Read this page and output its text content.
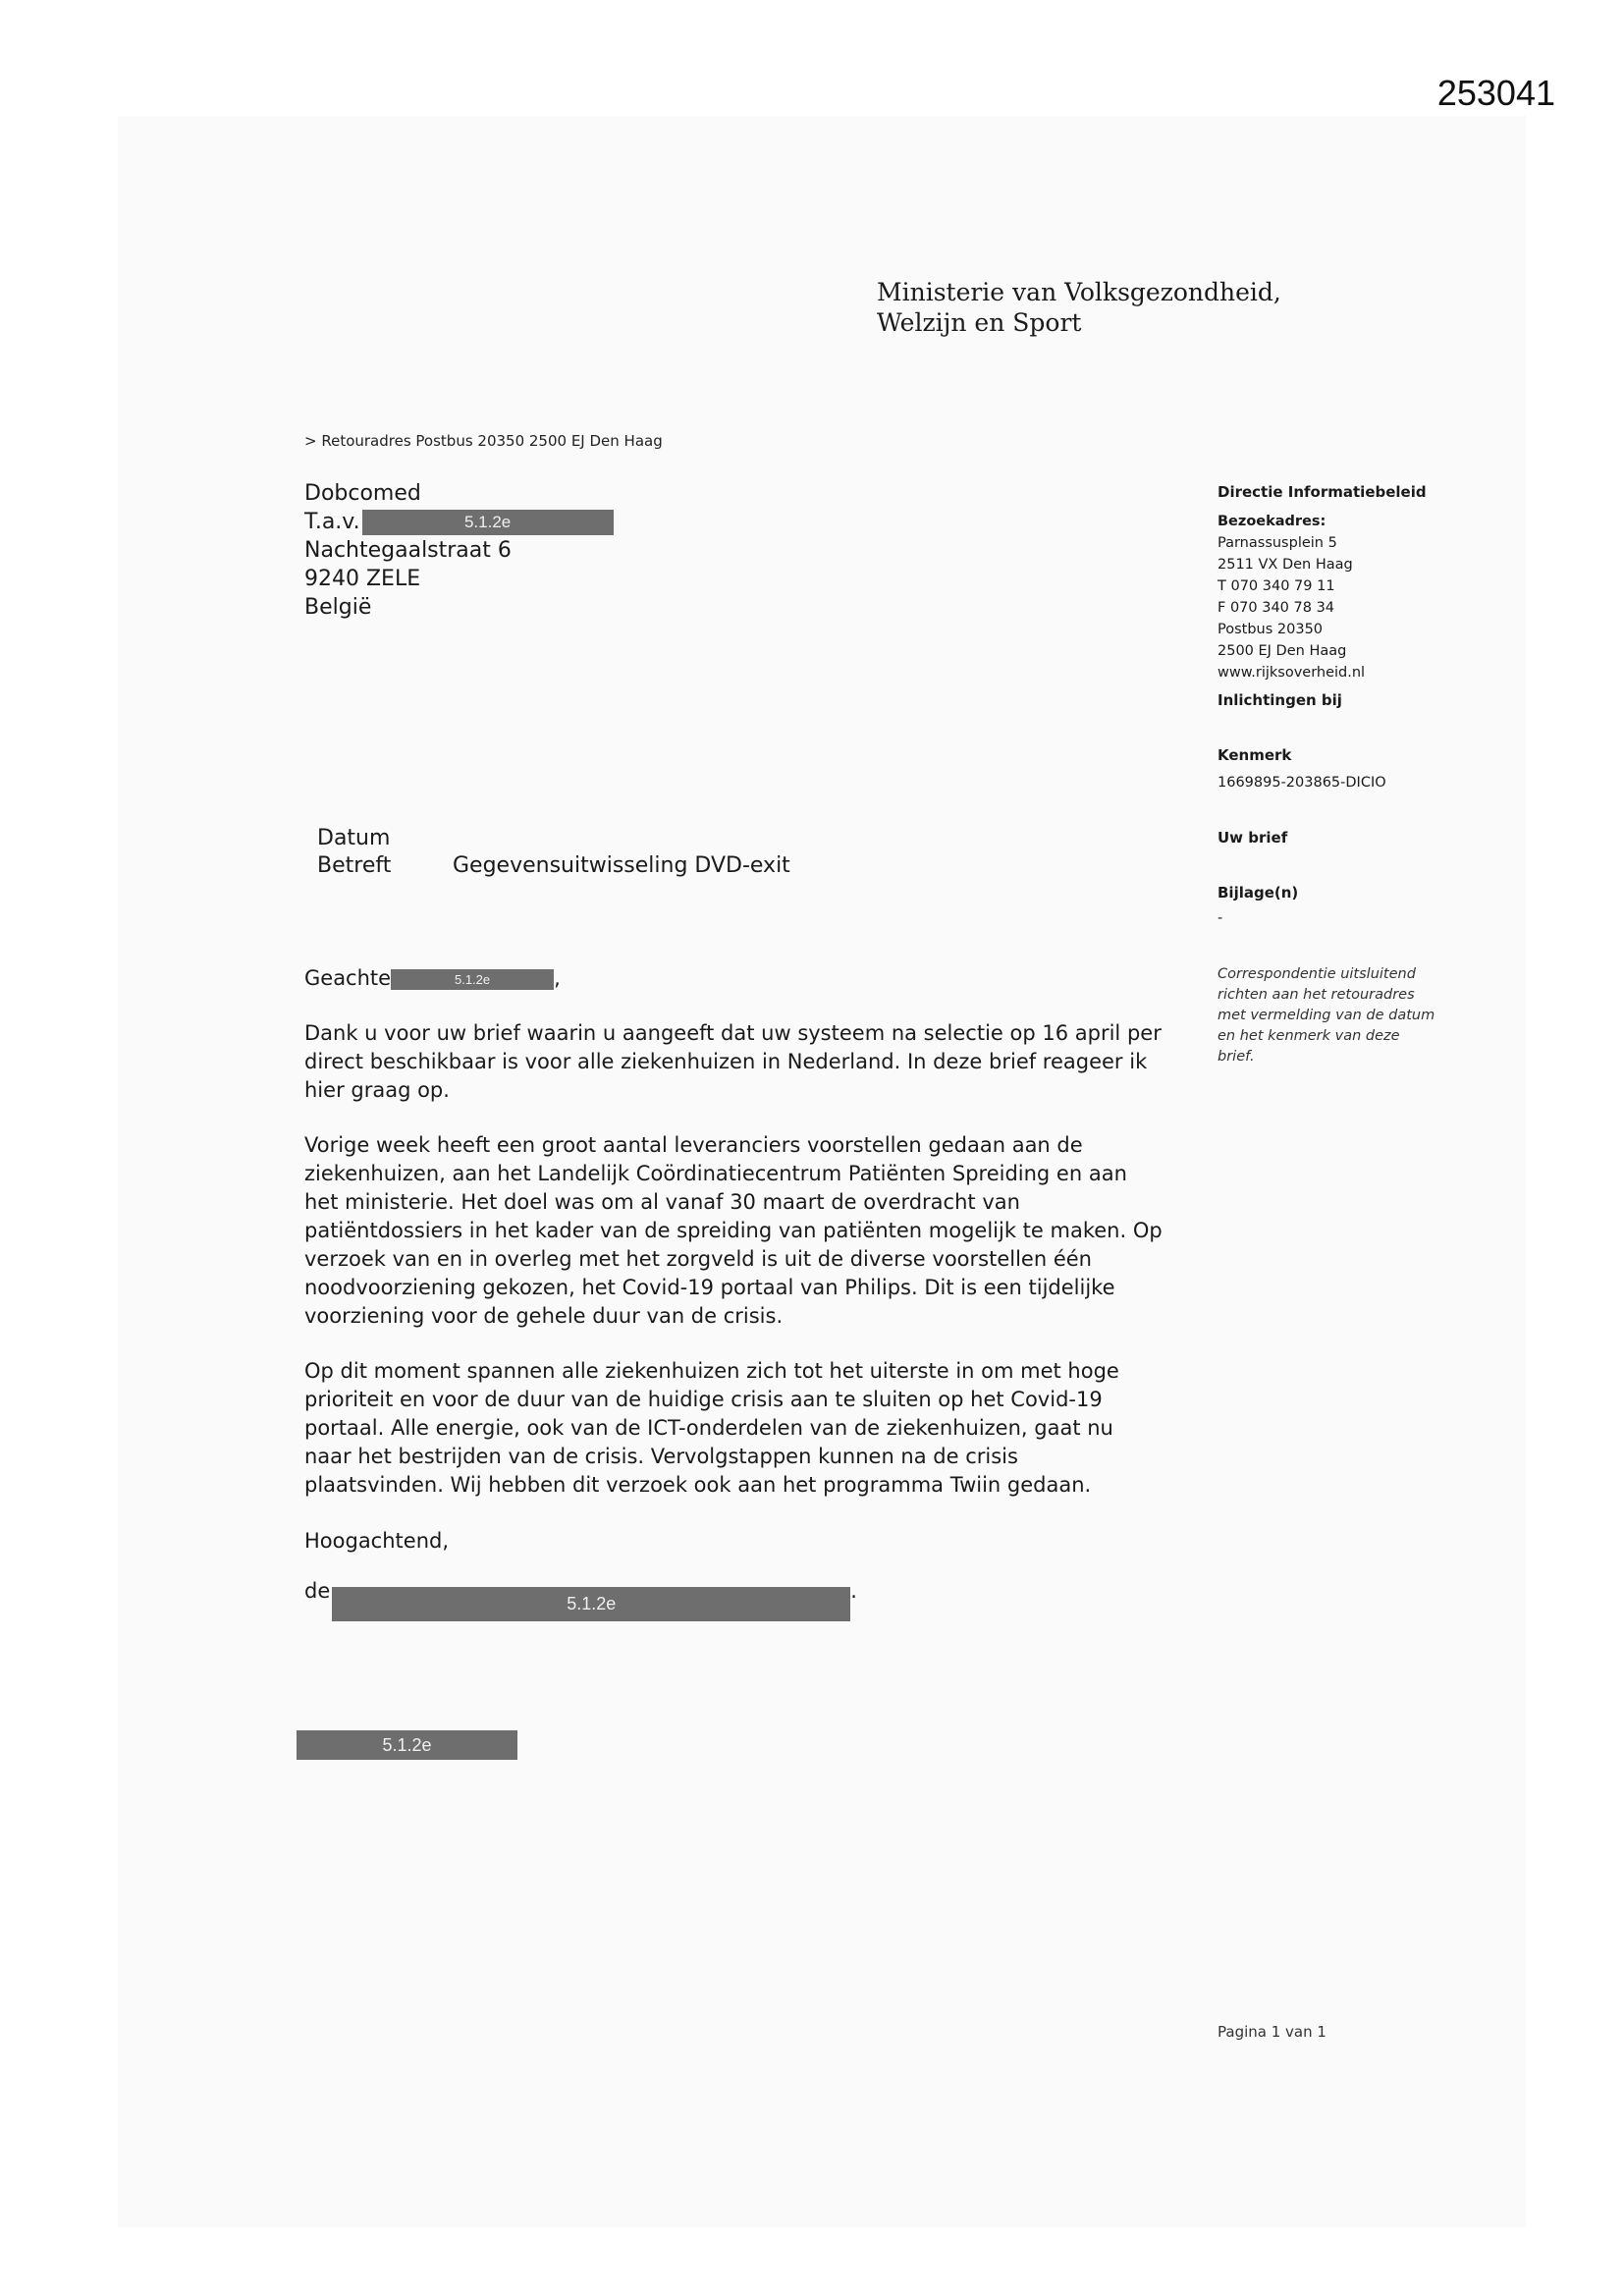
253041
Ministerie van Volksgezondheid,
Welzijn en Sport
> Retouradres Postbus 20350 2500 EJ Den Haag
Dobcomed
T.a.v.	5.1.2e
Nachtegaalstraat 6
9240 ZELE
België
Directie Informatiebeleid
Bezoekadres:
Parnassusplein 5
2511 VX Den Haag
T 070 340 79 11
F 070 340 78 34
Postbus 20350
2500 EJ Den Haag
www.rijksoverheid.nl
Inlichtingen bij
Kenmerk
1669895-203865-DICIO
Uw brief
Bijlage(n)
-
Correspondentie uitsluitend
richten aan het retouradres
met vermelding van de datum
en het kenmerk van deze
brief.
Datum
Betreft	Gegevensuitwisseling DVD-exit
Geachte	5.1.2e	,

Dank u voor uw brief waarin u aangeeft dat uw systeem na selectie op 16 april per

direct beschikbaar is voor alle ziekenhuizen in Nederland. In deze brief reageer ik

hier graag op.

Vorige week heeft een groot aantal leveranciers voorstellen gedaan aan de

ziekenhuizen, aan het Landelijk Coördinatiecentrum Patiënten Spreiding en aan

het ministerie. Het doel was om al vanaf 30 maart de overdracht van

patiëntdossiers in het kader van de spreiding van patiënten mogelijk te maken. Op

verzoek van en in overleg met het zorgveld is uit de diverse voorstellen één

noodvoorziening gekozen, het Covid-19 portaal van Philips. Dit is een tijdelijke

voorziening voor de gehele duur van de crisis.

Op dit moment spannen alle ziekenhuizen zich tot het uiterste in om met hoge

prioriteit en voor de duur van de huidige crisis aan te sluiten op het Covid-19

portaal. Alle energie, ook van de ICT-onderdelen van de ziekenhuizen, gaat nu

naar het bestrijden van de crisis. Vervolgstappen kunnen na de crisis

plaatsvinden. Wij hebben dit verzoek ook aan het programma Twiin gedaan.

Hoogachtend,
de5.1.2e.
5.1.2e
Pagina 1 van 1
